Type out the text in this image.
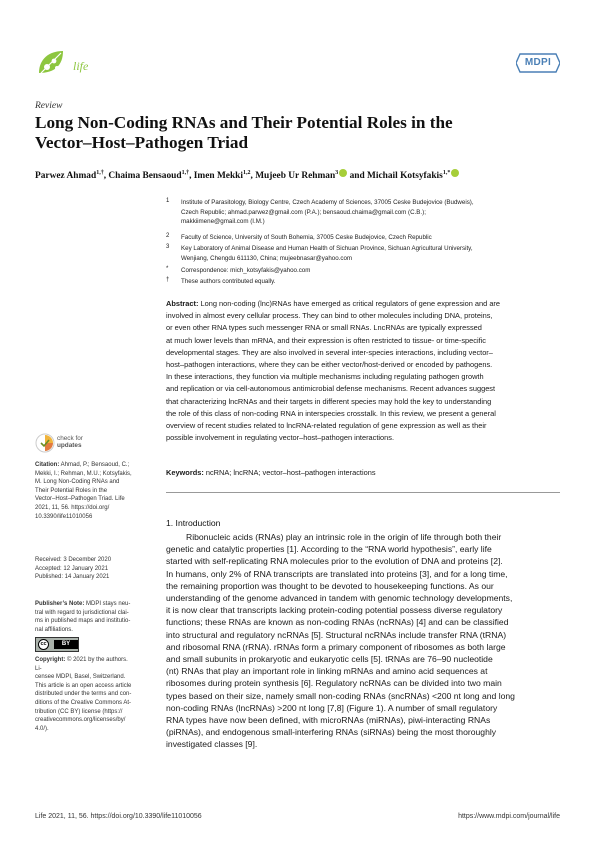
life	MDPI
Review
Long Non-Coding RNAs and Their Potential Roles in the
Vector–Host–Pathogen Triad
Parwez Ahmad$^{1,\dagger}$, Chaima Bensaoud$^{1,\dagger}$, Imen Mekki$^{1,2}$, Mujeeb Ur Rehman$^3$ and Michail Kotsyfakis$^{1,*}$
1	Institute of Parasitology, Biology Centre, Czech Academy of Sciences, 37005 Ceske Budejovice (Budweis),
Czech Republic; ahmad.parwez@gmail.com (P.A.); bensaoud.chaima@gmail.com (C.B.);
makkiimene@gmail.com (I.M.)
2	Faculty of Science, University of South Bohemia, 37005 Ceske Budejovice, Czech Republic
3	Key Laboratory of Animal Disease and Human Health of Sichuan Province, Sichuan Agricultural University,
Wenjiang, Chengdu 611130, China; mujeebnasar@yahoo.com
*	Correspondence: mich_kotsyfakis@yahoo.com
†	These authors contributed equally.
Abstract: Long non-coding (lnc)RNAs have emerged as critical regulators of gene expression and are
involved in almost every cellular process. They can bind to other molecules including DNA, proteins,
or even other RNA types such messenger RNA or small RNAs. LncRNAs are typically expressed
at much lower levels than mRNA, and their expression is often restricted to tissue- or time-specific
developmental stages. They are also involved in several inter-species interactions, including vector–
host–pathogen interactions, where they can be either vector/host-derived or encoded by pathogens.
In these interactions, they function via multiple mechanisms including regulating pathogen growth
and replication or via cell-autonomous antimicrobial defense mechanisms. Recent advances suggest
that characterizing lncRNAs and their targets in different species may hold the key to understanding
the role of this class of non-coding RNA in interspecies crosstalk. In this review, we present a general
overview of recent studies related to lncRNA-related regulation of gene expression as well as their
possible involvement in regulating vector–host–pathogen interactions.
Keywords: ncRNA; lncRNA; vector–host–pathogen interactions
check for
updates
Citation: Ahmad, P.; Bensaoud, C.;
Mekki, I.; Rehman, M.U.; Kotsyfakis,
M. Long Non-Coding RNAs and
Their Potential Roles in the
Vector–Host–Pathogen Triad. Life
2021, 11, 56. https://doi.org/
10.3390/life11010056
Received: 3 December 2020
Accepted: 12 January 2021
Published: 14 January 2021
Publisher’s Note: MDPI stays neu-
tral with regard to jurisdictional clai-
ms in published maps and institutio-
nal affiliations.
cc	BY
Copyright: © 2021 by the authors. Li-
censee MDPI, Basel, Switzerland.
This article is an open access article
distributed under the terms and con-
ditions of the Creative Commons At-
tribution (CC BY) license (https://
creativecommons.org/licenses/by/
4.0/).
1. Introduction
Ribonucleic acids (RNAs) play an intrinsic role in the origin of life through both their
genetic and catalytic properties [1]. According to the “RNA world hypothesis”, early life
started with self-replicating RNA molecules prior to the evolution of DNA and proteins [2].
In humans, only 2% of RNA transcripts are translated into proteins [3], and for a long time,
the remaining proportion was thought to be devoted to housekeeping functions. As our
understanding of the genome advanced in tandem with genomic technology developments,
it is now clear that transcripts lacking protein-coding potential possess diverse regulatory
functions; these RNAs are known as non-coding RNAs (ncRNAs) [4] and can be classified
into structural and regulatory ncRNAs [5]. Structural ncRNAs include transfer RNA (tRNA)
and ribosomal RNA (rRNA). rRNAs form a primary component of ribosomes as both large
and small subunits in prokaryotic and eukaryotic cells [5]. tRNAs are 76–90 nucleotide
(nt) RNAs that play an important role in linking mRNAs and amino acid sequences at
ribosomes during protein synthesis [6]. Regulatory ncRNAs can be divided into two main
types based on their size, namely small non-coding RNAs (sncRNAs) <200 nt long and long
non-coding RNAs (lncRNAs) >200 nt long [7,8] (Figure 1). A number of small regulatory
RNA types have now been defined, with microRNAs (miRNAs), piwi-interacting RNAs
(piRNAs), and endogenous small-interfering RNAs (siRNAs) being the most thoroughly
investigated classes [9].
Life 2021, 11, 56. https://doi.org/10.3390/life11010056	https://www.mdpi.com/journal/life
